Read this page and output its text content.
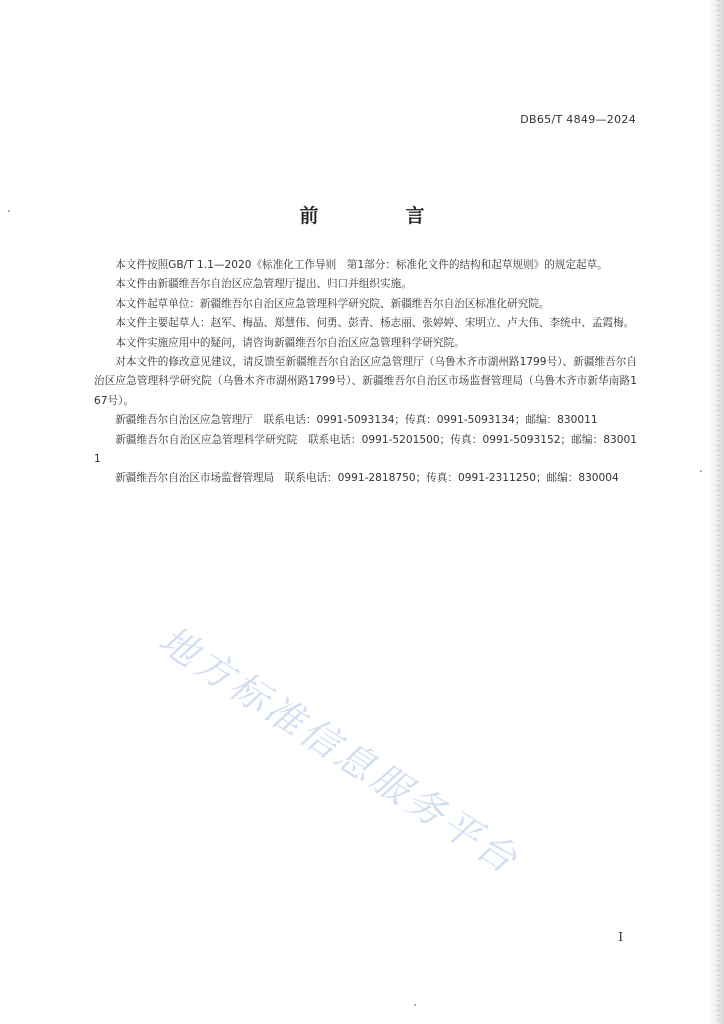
DB65/T 4849—2024
前　言

本文件按照GB/T 1.1—2020《标准化工作导则　第1部分：标准化文件的结构和起草规则》的规定起草。

本文件由新疆维吾尔自治区应急管理厅提出、归口并组织实施。

本文件起草单位：新疆维吾尔自治区应急管理科学研究院、新疆维吾尔自治区标准化研究院。

本文件主要起草人：赵军、梅晶、郑慧伟、何勇、彭青、杨志丽、张婷婷、宋明立、卢大伟、李统中、孟霞梅。

本文件实施应用中的疑问，请咨询新疆维吾尔自治区应急管理科学研究院。

对本文件的修改意见建议，请反馈至新疆维吾尔自治区应急管理厅（乌鲁木齐市湖州路1799号）、新疆维吾尔自治区应急管理科学研究院（乌鲁木齐市湖州路1799号）、新疆维吾尔自治区市场监督管理局（乌鲁木齐市新华南路167号）。

新疆维吾尔自治区应急管理厅　联系电话：0991-5093134；传真：0991-5093134；邮编：830011

新疆维吾尔自治区应急管理科学研究院　联系电话：0991-5201500；传真：0991-5093152；邮编：830011

新疆维吾尔自治区市场监督管理局　联系电话：0991-2818750；传真：0991-2311250；邮编：830004

地方标准信息服务平台
I
